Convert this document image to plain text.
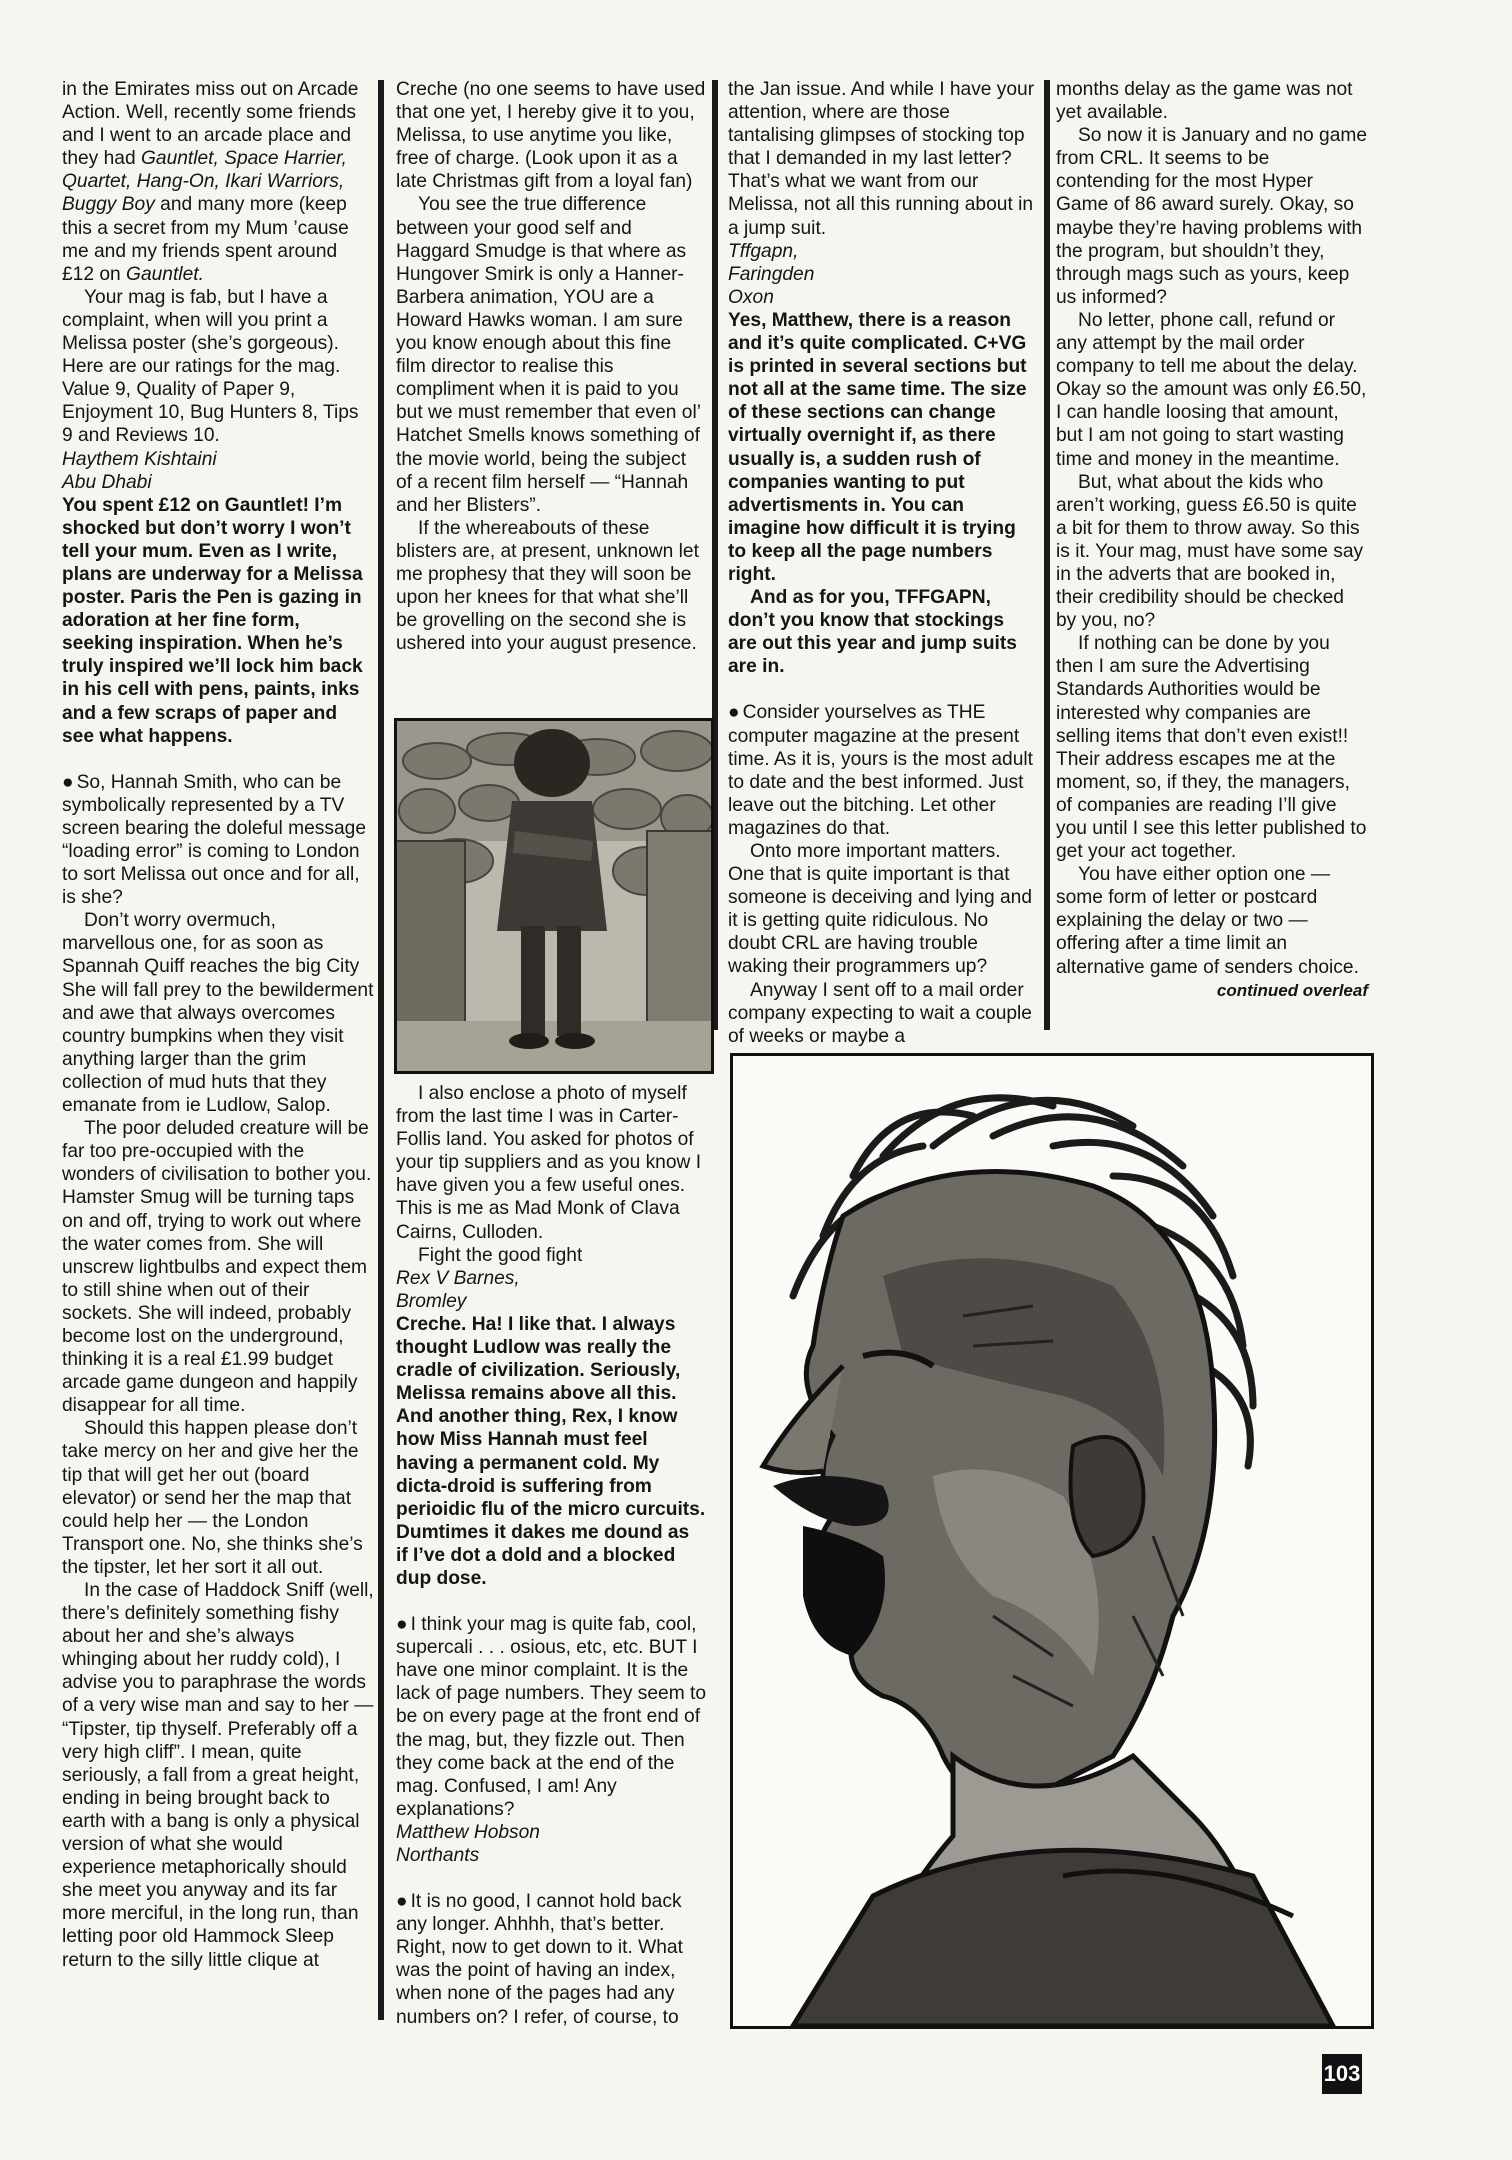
in the Emirates miss out on Arcade Action. Well, recently some friends and I went to an arcade place and they had Gauntlet, Space Harrier, Quartet, Hang-On, Ikari Warriors, Buggy Boy and many more (keep this a secret from my Mum ’cause me and my friends spent around £12 on Gauntlet.

Your mag is fab, but I have a complaint, when will you print a Melissa poster (she’s gorgeous). Here are our ratings for the mag. Value 9, Quality of Paper 9, Enjoyment 10, Bug Hunters 8, Tips 9 and Reviews 10.

Haythem Kishtaini

Abu Dhabi

You spent £12 on Gauntlet! I’m shocked but don’t worry I won’t tell your mum. Even as I write, plans are underway for a Melissa poster. Paris the Pen is gazing in adoration at her fine form, seeking inspiration. When he’s truly inspired we’ll lock him back in his cell with pens, paints, inks and a few scraps of paper and see what happens.

● So, Hannah Smith, who can be symbolically represented by a TV screen bearing the doleful message “loading error” is coming to London to sort Melissa out once and for all, is she?

Don’t worry overmuch, marvellous one, for as soon as Spannah Quiff reaches the big City She will fall prey to the bewilderment and awe that always overcomes country bumpkins when they visit anything larger than the grim collection of mud huts that they emanate from ie Ludlow, Salop.

The poor deluded creature will be far too pre-occupied with the wonders of civilisation to bother you. Hamster Smug will be turning taps on and off, trying to work out where the water comes from. She will unscrew lightbulbs and expect them to still shine when out of their sockets. She will indeed, probably become lost on the underground, thinking it is a real £1.99 budget arcade game dungeon and happily disappear for all time.

Should this happen please don’t take mercy on her and give her the tip that will get her out (board elevator) or send her the map that could help her — the London Transport one. No, she thinks she’s the tipster, let her sort it all out.

In the case of Haddock Sniff (well, there’s definitely something fishy about her and she’s always whinging about her ruddy cold), I advise you to paraphrase the words of a very wise man and say to her — “Tipster, tip thyself. Preferably off a very high cliff”. I mean, quite seriously, a fall from a great height, ending in being brought back to earth with a bang is only a physical version of what she would experience metaphorically should she meet you anyway and its far more merciful, in the long run, than letting poor old Hammock Sleep return to the silly little clique at

Creche (no one seems to have used that one yet, I hereby give it to you, Melissa, to use anytime you like, free of charge. (Look upon it as a late Christmas gift from a loyal fan)

You see the true difference between your good self and Haggard Smudge is that where as Hungover Smirk is only a Hanner-Barbera animation, YOU are a Howard Hawks woman. I am sure you know enough about this fine film director to realise this compliment when it is paid to you but we must remember that even ol’ Hatchet Smells knows something of the movie world, being the subject of a recent film herself — “Hannah and her Blisters”.

If the whereabouts of these blisters are, at present, unknown let me prophesy that they will soon be upon her knees for that what she’ll be grovelling on the second she is ushered into your august presence.

I also enclose a photo of myself from the last time I was in Carter-Follis land. You asked for photos of your tip suppliers and as you know I have given you a few useful ones. This is me as Mad Monk of Clava Cairns, Culloden.

Fight the good fight

Rex V Barnes,

Bromley

Creche. Ha! I like that. I always thought Ludlow was really the cradle of civilization. Seriously, Melissa remains above all this. And another thing, Rex, I know how Miss Hannah must feel having a permanent cold. My dicta-droid is suffering from perioidic flu of the micro curcuits. Dumtimes it dakes me dound as if I’ve dot a dold and a blocked dup dose.

● I think your mag is quite fab, cool, supercali . . . osious, etc, etc. BUT I have one minor complaint. It is the lack of page numbers. They seem to be on every page at the front end of the mag, but, they fizzle out. Then they come back at the end of the mag. Confused, I am! Any explanations?

Matthew Hobson

Northants

● It is no good, I cannot hold back any longer. Ahhhh, that’s better. Right, now to get down to it. What was the point of having an index, when none of the pages had any numbers on? I refer, of course, to

the Jan issue. And while I have your attention, where are those tantalising glimpses of stocking top that I demanded in my last letter? That’s what we want from our Melissa, not all this running about in a jump suit.

Tffgapn,

Faringden

Oxon

Yes, Matthew, there is a reason and it’s quite complicated. C+VG is printed in several sections but not all at the same time. The size of these sections can change virtually overnight if, as there usually is, a sudden rush of companies wanting to put advertisments in. You can imagine how difficult it is trying to keep all the page numbers right.

And as for you, TFFGAPN, don’t you know that stockings are out this year and jump suits are in.

● Consider yourselves as THE computer magazine at the present time. As it is, yours is the most adult to date and the best informed. Just leave out the bitching. Let other magazines do that.

Onto more important matters. One that is quite important is that someone is deceiving and lying and it is getting quite ridiculous. No doubt CRL are having trouble waking their programmers up?

Anyway I sent off to a mail order company expecting to wait a couple of weeks or maybe a

months delay as the game was not yet available.

So now it is January and no game from CRL. It seems to be contending for the most Hyper Game of 86 award surely. Okay, so maybe they’re having problems with the program, but shouldn’t they, through mags such as yours, keep us informed?

No letter, phone call, refund or any attempt by the mail order company to tell me about the delay. Okay so the amount was only £6.50, I can handle loosing that amount, but I am not going to start wasting time and money in the meantime.

But, what about the kids who aren’t working, guess £6.50 is quite a bit for them to throw away. So this is it. Your mag, must have some say in the adverts that are booked in, their credibility should be checked by you, no?

If nothing can be done by you then I am sure the Advertising Standards Authorities would be interested why companies are selling items that don’t even exist!! Their address escapes me at the moment, so, if they, the managers, of companies are reading I’ll give you until I see this letter published to get your act together.

You have either option one — some form of letter or postcard explaining the delay or two — offering after a time limit an alternative game of senders choice.

continued overleaf
103
